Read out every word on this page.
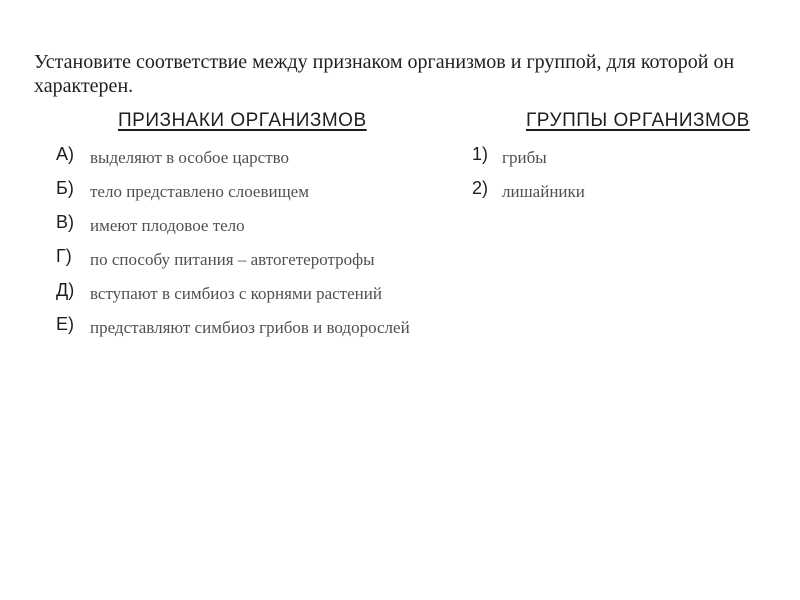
Установите соответствие между признаком организмов и группой, для которой он характерен.
ПРИЗНАКИ ОРГАНИЗМОВ	ГРУППЫ ОРГАНИЗМОВ
А) выделяют в особое царство
Б) тело представлено слоевищем
В) имеют плодовое тело
Г)	по способу питания – автогетеротрофы
Д) вступают в симбиоз с корнями растений
Е) представляют симбиоз грибов и водорослей
1) грибы
2) лишайники
